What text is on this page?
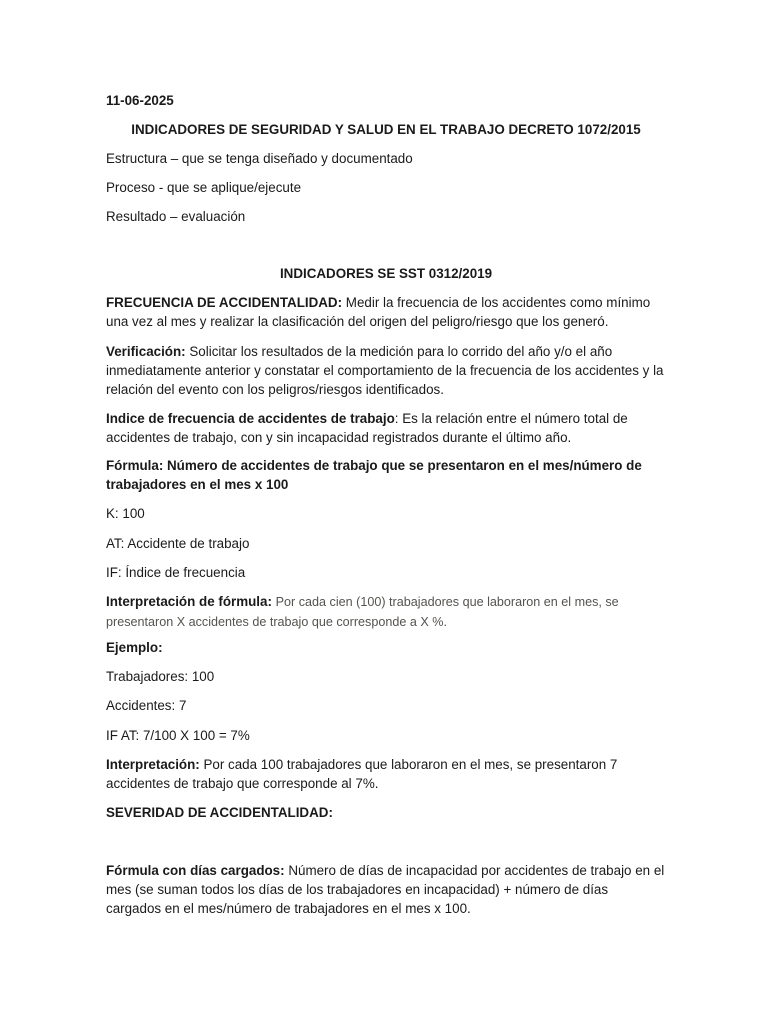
11-06-2025

INDICADORES DE SEGURIDAD Y SALUD EN EL TRABAJO DECRETO 1072/2015

Estructura – que se tenga diseñado y documentado

Proceso - que se aplique/ejecute

Resultado – evaluación

INDICADORES SE SST 0312/2019

FRECUENCIA DE ACCIDENTALIDAD: Medir la frecuencia de los accidentes como mínimo una vez al mes y realizar la clasificación del origen del peligro/riesgo que los generó.

Verificación: Solicitar los resultados de la medición para lo corrido del año y/o el año inmediatamente anterior y constatar el comportamiento de la frecuencia de los accidentes y la relación del evento con los peligros/riesgos identificados.

Indice de frecuencia de accidentes de trabajo: Es la relación entre el número total de accidentes de trabajo, con y sin incapacidad registrados durante el último año.

Fórmula: Número de accidentes de trabajo que se presentaron en el mes/número de trabajadores en el mes x 100

K: 100

AT: Accidente de trabajo

IF: Índice de frecuencia

Interpretación de fórmula: Por cada cien (100) trabajadores que laboraron en el mes, se presentaron X accidentes de trabajo que corresponde a X %.

Ejemplo:

Trabajadores: 100

Accidentes: 7

IF AT: 7/100 X 100 = 7%

Interpretación: Por cada 100 trabajadores que laboraron en el mes, se presentaron 7 accidentes de trabajo que corresponde al 7%.

SEVERIDAD DE ACCIDENTALIDAD:

Fórmula con días cargados: Número de días de incapacidad por accidentes de trabajo en el mes (se suman todos los días de los trabajadores en incapacidad) + número de días cargados en el mes/número de trabajadores en el mes x 100.
